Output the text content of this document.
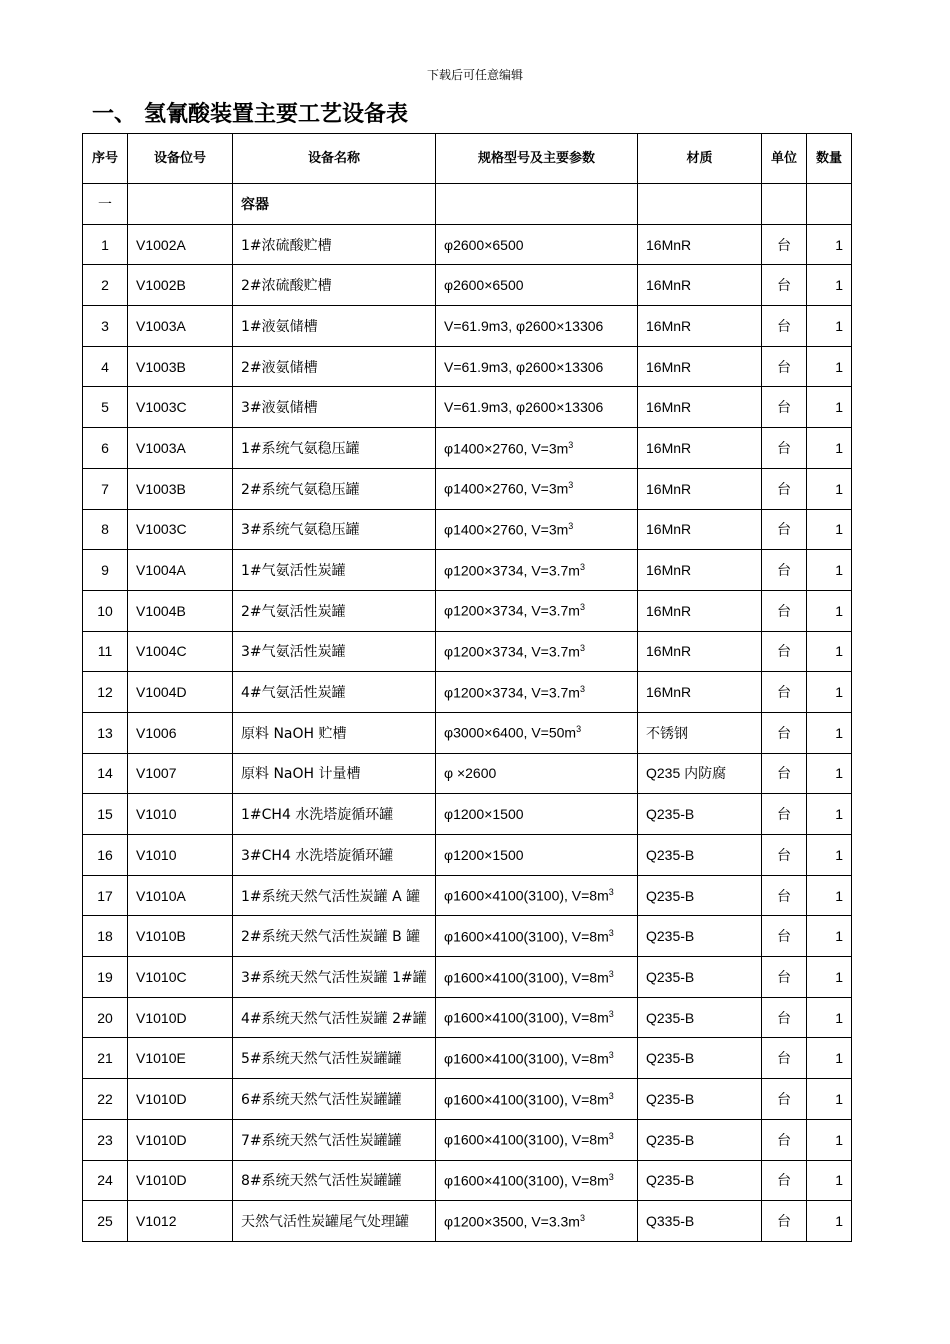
下载后可任意编辑
一、 氢氰酸装置主要工艺设备表
序号	设备位号	设备名称	规格型号及主要参数	材质	单位	数量
一		容器				
1	V1002A	1#浓硫酸贮槽	φ2600×6500	16MnR	台	1
2	V1002B	2#浓硫酸贮槽	φ2600×6500	16MnR	台	1
3	V1003A	1#液氨储槽	V=61.9m3, φ2600×13306	16MnR	台	1
4	V1003B	2#液氨储槽	V=61.9m3, φ2600×13306	16MnR	台	1
5	V1003C	3#液氨储槽	V=61.9m3, φ2600×13306	16MnR	台	1
6	V1003A	1#系统气氨稳压罐	φ1400×2760, $V=3m^3$	16MnR	台	1
7	V1003B	2#系统气氨稳压罐	φ1400×2760, $V=3m^3$	16MnR	台	1
8	V1003C	3#系统气氨稳压罐	φ1400×2760, $V=3m^3$	16MnR	台	1
9	V1004A	1#气氨活性炭罐	φ1200×3734, $V=3.7m^3$	16MnR	台	1
10	V1004B	2#气氨活性炭罐	φ1200×3734, $V=3.7m^3$	16MnR	台	1
11	V1004C	3#气氨活性炭罐	φ1200×3734, $V=3.7m^3$	16MnR	台	1
12	V1004D	4#气氨活性炭罐	φ1200×3734, $V=3.7m^3$	16MnR	台	1
13	V1006	原料 NaOH 贮槽	φ3000×6400, $V=50m^3$	不锈钢	台	1
14	V1007	原料 NaOH 计量槽	φ ×2600	Q235 内防腐	台	1
15	V1010	1#CH4 水洗塔旋循环罐	φ1200×1500	Q235-B	台	1
16	V1010	3#CH4 水洗塔旋循环罐	φ1200×1500	Q235-B	台	1
17	V1010A	1#系统天然气活性炭罐 A 罐	φ1600×4100(3100), $V=8m^3$	Q235-B	台	1
18	V1010B	2#系统天然气活性炭罐 B 罐	φ1600×4100(3100), $V=8m^3$	Q235-B	台	1
19	V1010C	3#系统天然气活性炭罐 1#罐	φ1600×4100(3100), $V=8m^3$	Q235-B	台	1
20	V1010D	4#系统天然气活性炭罐 2#罐	φ1600×4100(3100), $V=8m^3$	Q235-B	台	1
21	V1010E	5#系统天然气活性炭罐罐	φ1600×4100(3100), $V=8m^3$	Q235-B	台	1
22	V1010D	6#系统天然气活性炭罐罐	φ1600×4100(3100), $V=8m^3$	Q235-B	台	1
23	V1010D	7#系统天然气活性炭罐罐	φ1600×4100(3100), $V=8m^3$	Q235-B	台	1
24	V1010D	8#系统天然气活性炭罐罐	φ1600×4100(3100), $V=8m^3$	Q235-B	台	1
25	V1012	天然气活性炭罐尾气处理罐	φ1200×3500, $V=3.3m^3$	Q335-B	台	1
